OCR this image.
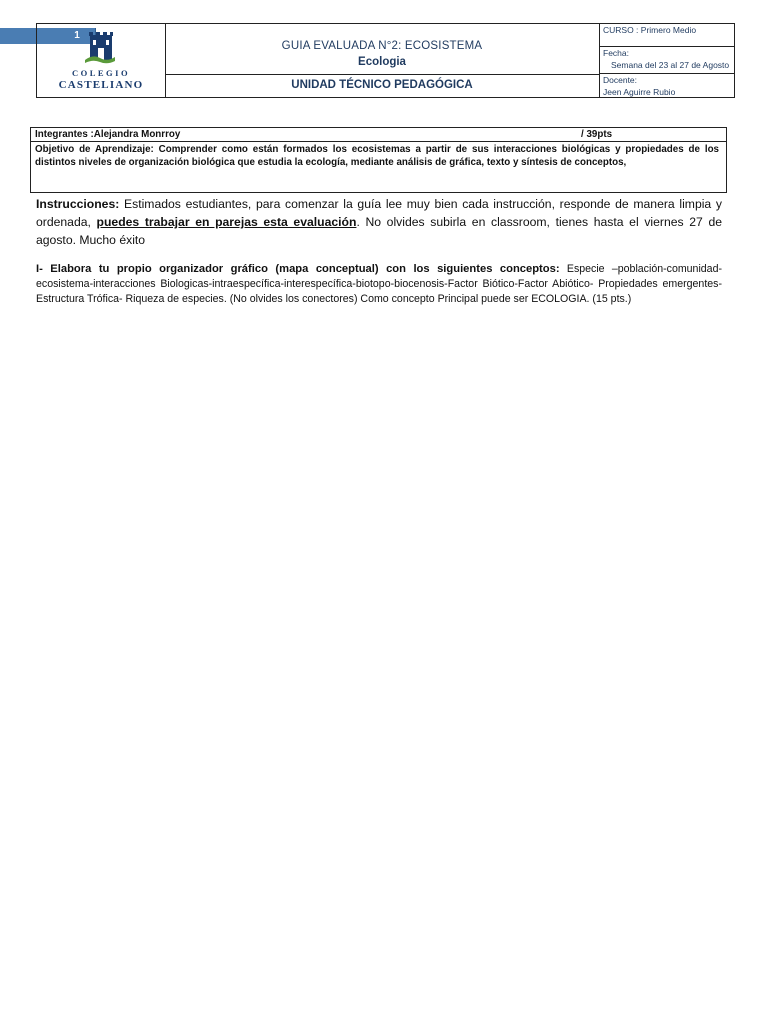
1
COLEGIO
CASTELIANO
GUIA EVALUADA N°2: ECOSISTEMA
Ecologia
UNIDAD TÉCNICO PEDAGÓGICA
CURSO : Primero Medio
Fecha:
Semana del 23 al 27 de Agosto
Docente:
Jeen Aguirre Rubio
Integrantes :Alejandra Monrroy	/ 39pts
Objetivo de Aprendizaje: Comprender como están formados los ecosistemas a partir de sus interacciones biológicas y propiedades de los distintos niveles de organización biológica que estudia la ecología, mediante análisis de gráfica, texto y síntesis de conceptos,
Instrucciones: Estimados estudiantes, para comenzar la guía lee muy bien cada instrucción, responde de manera limpia y ordenada, puedes trabajar en parejas esta evaluación. No olvides subirla en classroom, tienes hasta el viernes 27 de agosto. Mucho éxito
I- Elabora tu propio organizador gráfico (mapa conceptual) con los siguientes conceptos: Especie –población-comunidad-ecosistema-interacciones Biologicas-intraespecífica-interespecífica-biotopo-biocenosis-Factor Biótico-Factor Abiótico- Propiedades emergentes-Estructura Trófica- Riqueza de especies. (No olvides los conectores) Como concepto Principal puede ser ECOLOGIA. (15 pts.)
